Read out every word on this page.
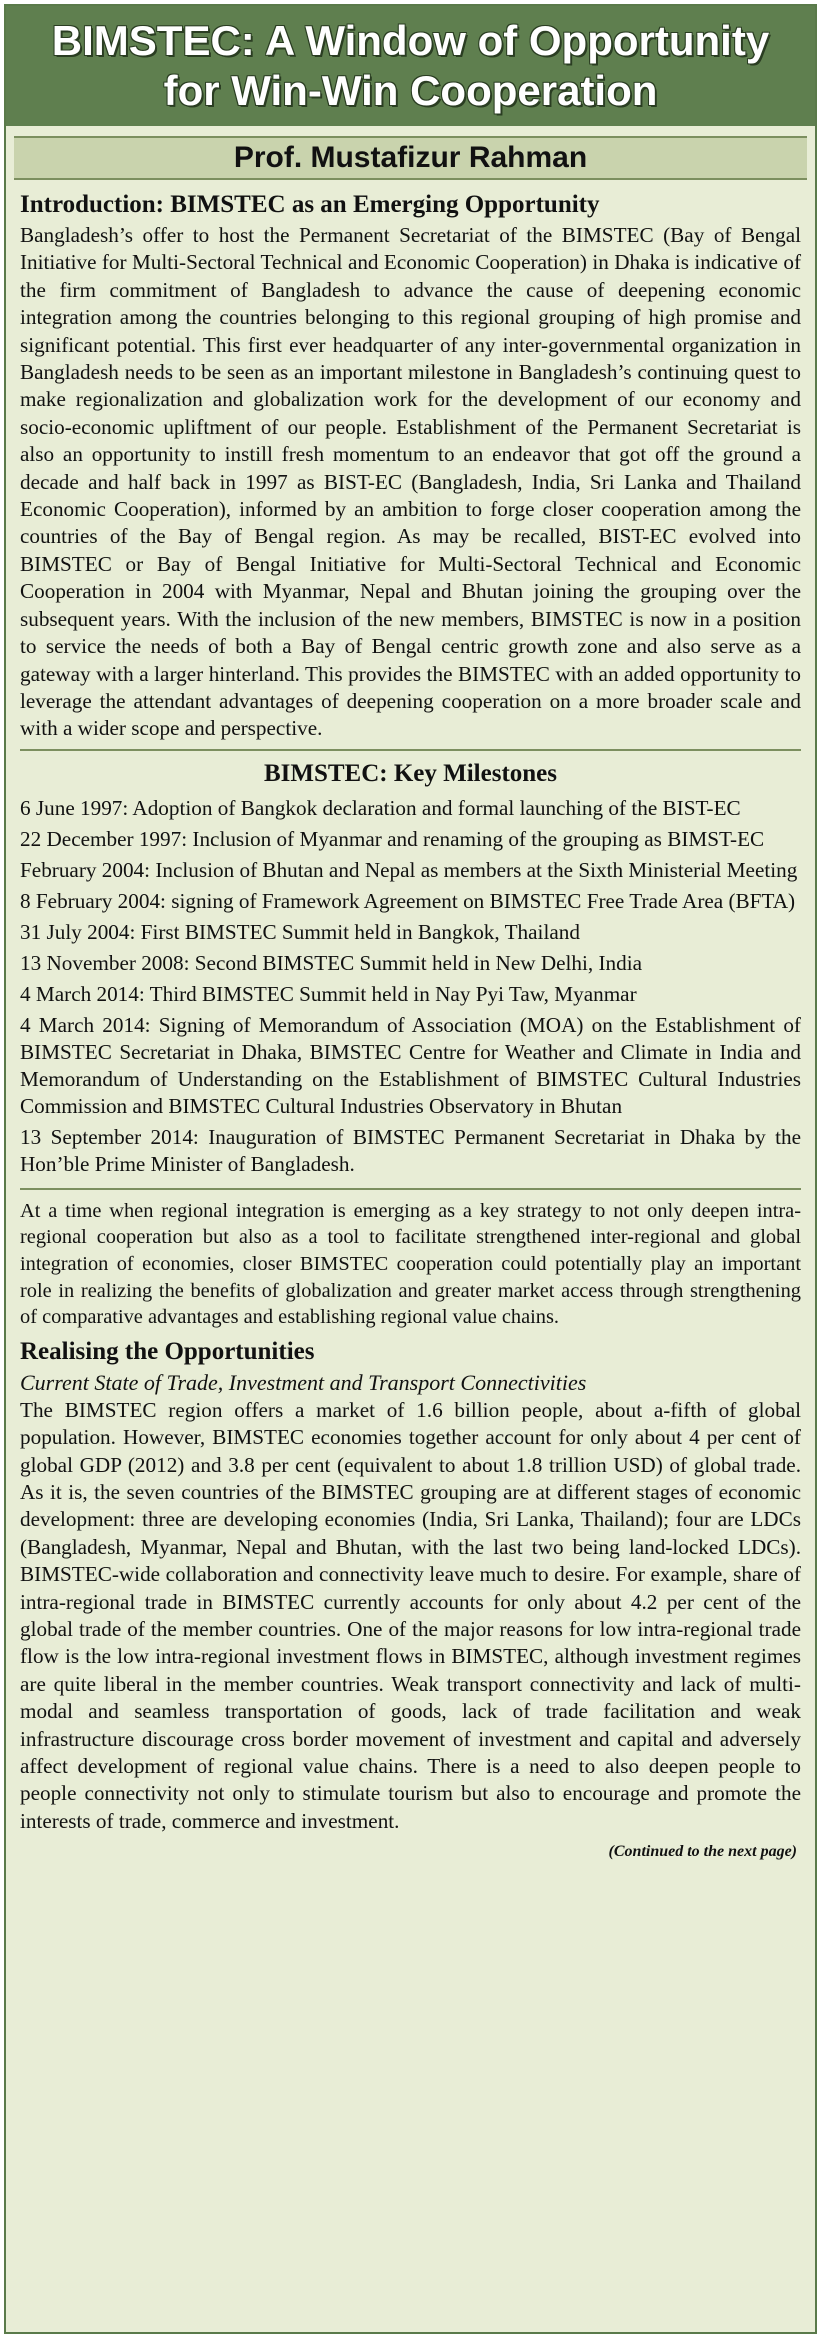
BIMSTEC: A Window of Opportunity
for Win-Win Cooperation
Prof. Mustafizur Rahman
Introduction: BIMSTEC as an Emerging Opportunity

Bangladesh’s offer to host the Permanent Secretariat of the BIMSTEC (Bay of Bengal Initiative for Multi-Sectoral Technical and Economic Cooperation) in Dhaka is indicative of the firm commitment of Bangladesh to advance the cause of deepening economic integration among the countries belonging to this regional grouping of high promise and significant potential. This first ever headquarter of any inter-governmental organization in Bangladesh needs to be seen as an important milestone in Bangladesh’s continuing quest to make regionalization and globalization work for the development of our economy and socio-economic upliftment of our people. Establishment of the Permanent Secretariat is also an opportunity to instill fresh momentum to an endeavor that got off the ground a decade and half back in 1997 as BIST-EC (Bangladesh, India, Sri Lanka and Thailand Economic Cooperation), informed by an ambition to forge closer cooperation among the countries of the Bay of Bengal region. As may be recalled, BIST-EC evolved into BIMSTEC or Bay of Bengal Initiative for Multi-Sectoral Technical and Economic Cooperation in 2004 with Myanmar, Nepal and Bhutan joining the grouping over the subsequent years. With the inclusion of the new members, BIMSTEC is now in a position to service the needs of both a Bay of Bengal centric growth zone and also serve as a gateway with a larger hinterland. This provides the BIMSTEC with an added opportunity to leverage the attendant advantages of deepening cooperation on a more broader scale and with a wider scope and perspective.

BIMSTEC: Key Milestones
6 June 1997: Adoption of Bangkok declaration and formal launching of the BIST-EC
22 December 1997: Inclusion of Myanmar and renaming of the grouping as BIMST-EC
February 2004: Inclusion of Bhutan and Nepal as members at the Sixth Ministerial Meeting
8 February 2004: signing of Framework Agreement on BIMSTEC Free Trade Area (BFTA)
31 July 2004: First BIMSTEC Summit held in Bangkok, Thailand
13 November 2008: Second BIMSTEC Summit held in New Delhi, India
4 March 2014: Third BIMSTEC Summit held in Nay Pyi Taw, Myanmar
4 March 2014: Signing of Memorandum of Association (MOA) on the Establishment of BIMSTEC Secretariat in Dhaka, BIMSTEC Centre for Weather and Climate in India and Memorandum of Understanding on the Establishment of BIMSTEC Cultural Industries Commission and BIMSTEC Cultural Industries Observatory in Bhutan
13 September 2014: Inauguration of BIMSTEC Permanent Secretariat in Dhaka by the Hon’ble Prime Minister of Bangladesh.

At a time when regional integration is emerging as a key strategy to not only deepen intra-regional cooperation but also as a tool to facilitate strengthened inter-regional and global integration of economies, closer BIMSTEC cooperation could potentially play an important role in realizing the benefits of globalization and greater market access through strengthening of comparative advantages and establishing regional value chains.

Realising the Opportunities

Current State of Trade, Investment and Transport Connectivities

The BIMSTEC region offers a market of 1.6 billion people, about a-fifth of global population. However, BIMSTEC economies together account for only about 4 per cent of global GDP (2012) and 3.8 per cent (equivalent to about 1.8 trillion USD) of global trade. As it is, the seven countries of the BIMSTEC grouping are at different stages of economic development: three are developing economies (India, Sri Lanka, Thailand); four are LDCs (Bangladesh, Myanmar, Nepal and Bhutan, with the last two being land-locked LDCs). BIMSTEC-wide collaboration and connectivity leave much to desire. For example, share of intra-regional trade in BIMSTEC currently accounts for only about 4.2 per cent of the global trade of the member countries. One of the major reasons for low intra-regional trade flow is the low intra-regional investment flows in BIMSTEC, although investment regimes are quite liberal in the member countries. Weak transport connectivity and lack of multi-modal and seamless transportation of goods, lack of trade facilitation and weak infrastructure discourage cross border movement of investment and capital and adversely affect development of regional value chains. There is a need to also deepen people to people connectivity not only to stimulate tourism but also to encourage and promote the interests of trade, commerce and investment.

(Continued to the next page)
